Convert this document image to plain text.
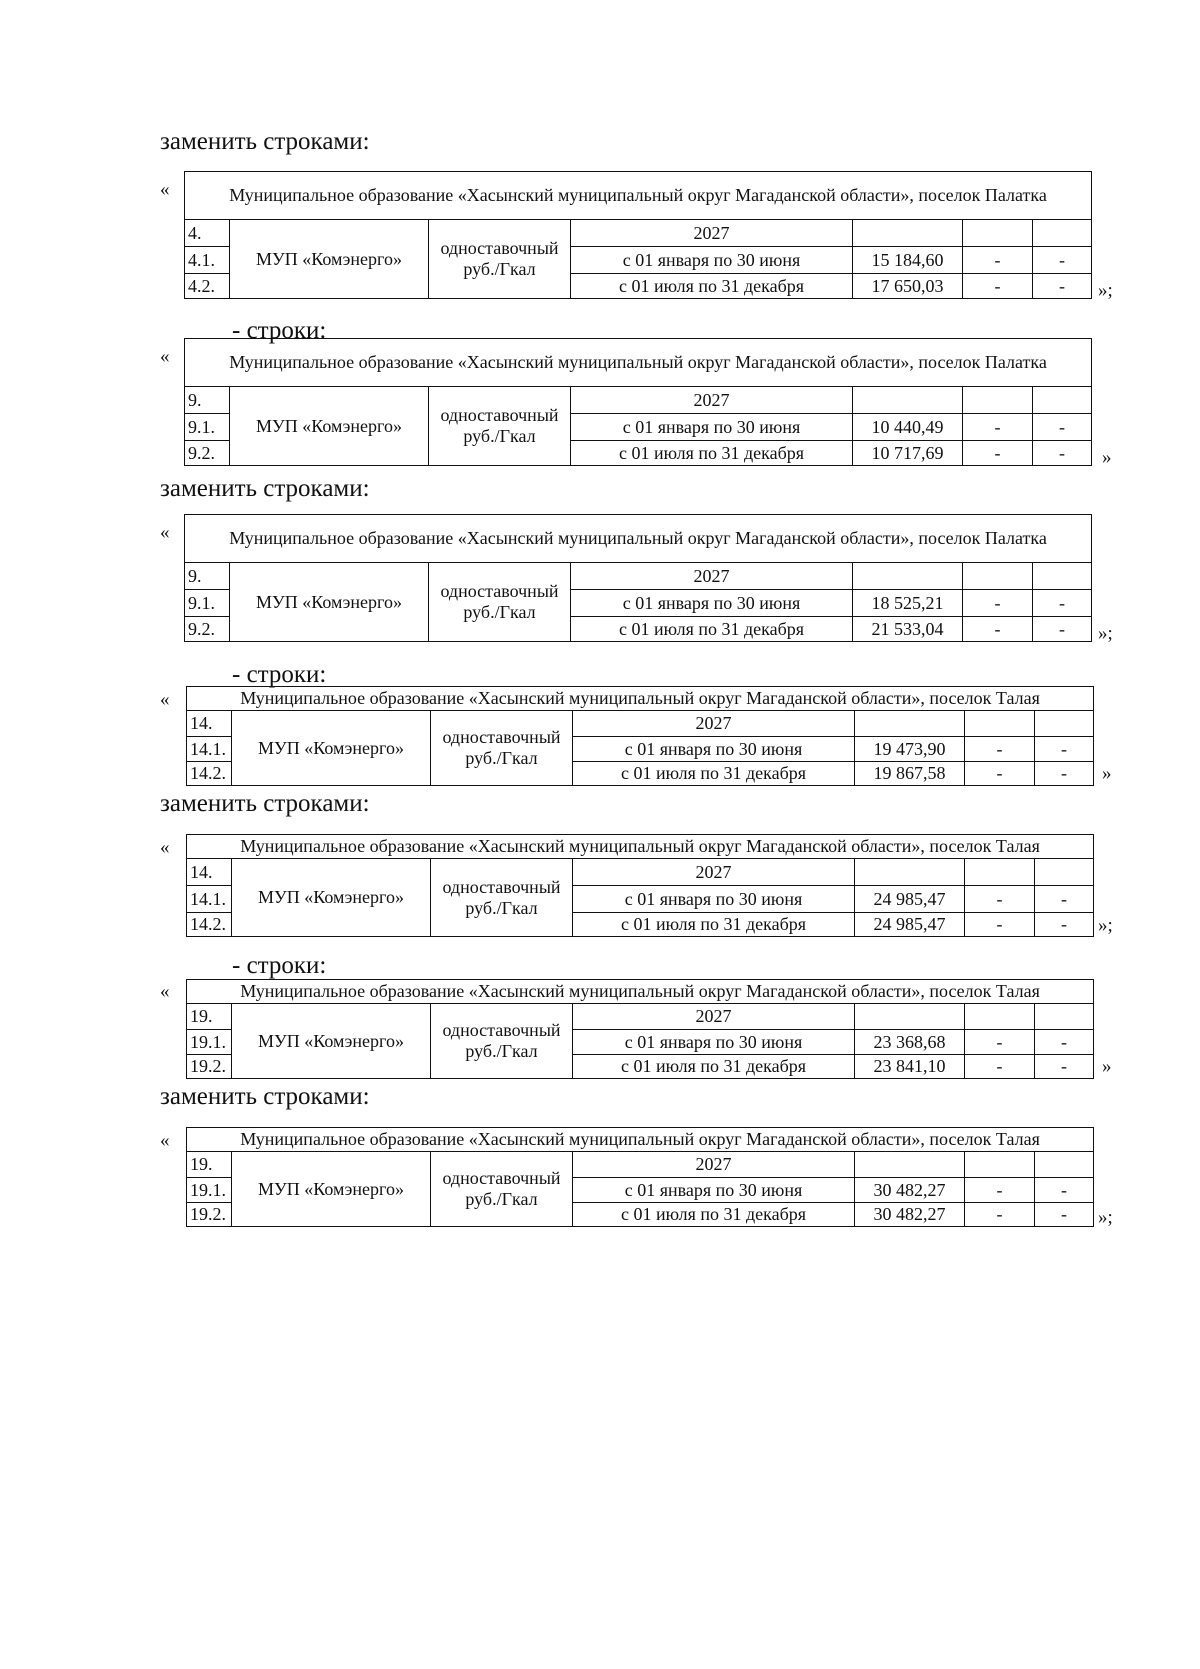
заменить строками:
- строки:
заменить строками:
- строки:
заменить строками:
- строки:
заменить строками:
«	Муниципальное образование «Хасынский муниципальный округ Магаданской области», поселок Палатка						
4.	МУП «Комэнерго»	одноставочный руб./Гкал	2027			
4.1.			с 01 января по 30 июня	15 184,60	-	-
4.2.			с 01 июля по 31 декабря	17 650,03	-	- »;
«	Муниципальное образование «Хасынский муниципальный округ Магаданской области», поселок Палатка						
9.	МУП «Комэнерго»	одноставочный руб./Гкал	2027			
9.1.			с 01 января по 30 июня	10 440,49	-	-
9.2.			с 01 июля по 31 декабря	10 717,69	-	- »
«	Муниципальное образование «Хасынский муниципальный округ Магаданской области», поселок Палатка						
9.	МУП «Комэнерго»	одноставочный руб./Гкал	2027			
9.1.			с 01 января по 30 июня	18 525,21	-	-
9.2.			с 01 июля по 31 декабря	21 533,04	-	- »;
«	Муниципальное образование «Хасынский муниципальный округ Магаданской области», поселок Талая						
14.	МУП «Комэнерго»	одноставочный руб./Гкал	2027			
14.1.			с 01 января по 30 июня	19 473,90	-	-
14.2.			с 01 июля по 31 декабря	19 867,58	-	- »
«	Муниципальное образование «Хасынский муниципальный округ Магаданской области», поселок Талая						
14.	МУП «Комэнерго»	одноставочный руб./Гкал	2027			
14.1.			с 01 января по 30 июня	24 985,47	-	-
14.2.			с 01 июля по 31 декабря	24 985,47	-	- »;
«	Муниципальное образование «Хасынский муниципальный округ Магаданской области», поселок Талая						
19.	МУП «Комэнерго»	одноставочный руб./Гкал	2027			
19.1.			с 01 января по 30 июня	23 368,68	-	-
19.2.			с 01 июля по 31 декабря	23 841,10	-	- »
«	Муниципальное образование «Хасынский муниципальный округ Магаданской области», поселок Талая						
19.	МУП «Комэнерго»	одноставочный руб./Гкал	2027			
19.1.			с 01 января по 30 июня	30 482,27	-	-
19.2.			с 01 июля по 31 декабря	30 482,27	-	- »;
